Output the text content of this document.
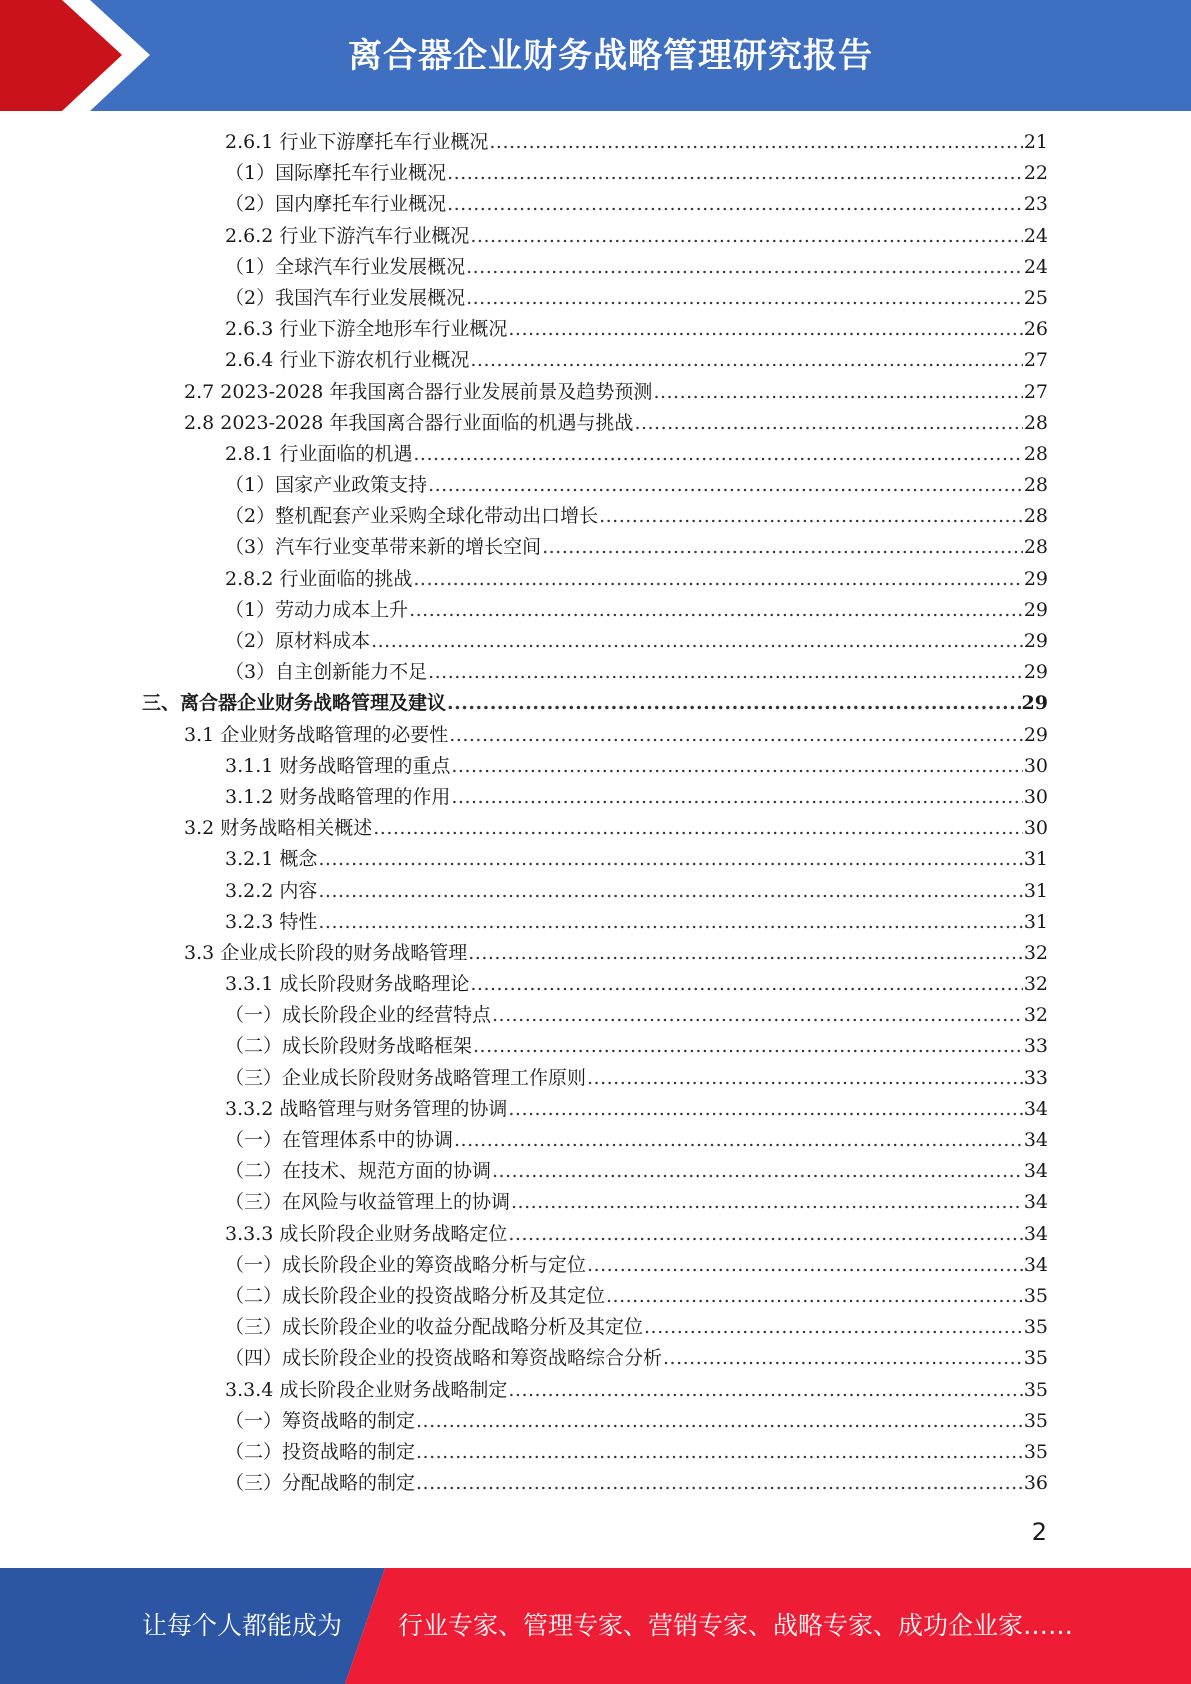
离合器企业财务战略管理研究报告
2.6.1 行业下游摩托车行业概况 .....	21
（1）国际摩托车行业概况 .....	22
（2）国内摩托车行业概况 .....	23
2.6.2 行业下游汽车行业概况 .....	24
（1）全球汽车行业发展概况 .....	24
（2）我国汽车行业发展概况 .....	25
2.6.3 行业下游全地形车行业概况 .....	26
2.6.4 行业下游农机行业概况 .....	27
2.7 2023-2028 年我国离合器行业发展前景及趋势预测 .....	27
2.8 2023-2028 年我国离合器行业面临的机遇与挑战 .....	28
2.8.1 行业面临的机遇 .....	28
（1）国家产业政策支持 .....	28
（2）整机配套产业采购全球化带动出口增长 .....	28
（3）汽车行业变革带来新的增长空间 .....	28
2.8.2 行业面临的挑战 .....	29
（1）劳动力成本上升 .....	29
（2）原材料成本 .....	29
（3）自主创新能力不足 .....	29
三、离合器企业财务战略管理及建议 .....	29
3.1 企业财务战略管理的必要性 .....	29
3.1.1 财务战略管理的重点 .....	30
3.1.2 财务战略管理的作用 .....	30
3.2 财务战略相关概述 .....	30
3.2.1 概念 .....	31
3.2.2 内容 .....	31
3.2.3 特性 .....	31
3.3 企业成长阶段的财务战略管理 .....	32
3.3.1 成长阶段财务战略理论 .....	32
（一）成长阶段企业的经营特点 .....	32
（二）成长阶段财务战略框架 .....	33
（三）企业成长阶段财务战略管理工作原则 .....	33
3.3.2 战略管理与财务管理的协调 .....	34
（一）在管理体系中的协调 .....	34
（二）在技术、规范方面的协调 .....	34
（三）在风险与收益管理上的协调 .....	34
3.3.3 成长阶段企业财务战略定位 .....	34
（一）成长阶段企业的筹资战略分析与定位 .....	34
（二）成长阶段企业的投资战略分析及其定位 .....	35
（三）成长阶段企业的收益分配战略分析及其定位 .....	35
（四）成长阶段企业的投资战略和筹资战略综合分析 .....	35
3.3.4 成长阶段企业财务战略制定 .....	35
（一）筹资战略的制定 .....	35
（二）投资战略的制定 .....	35
（三）分配战略的制定 .....	36
2
让每个人都能成为 行业专家、管理专家、营销专家、战略专家、成功企业家……
